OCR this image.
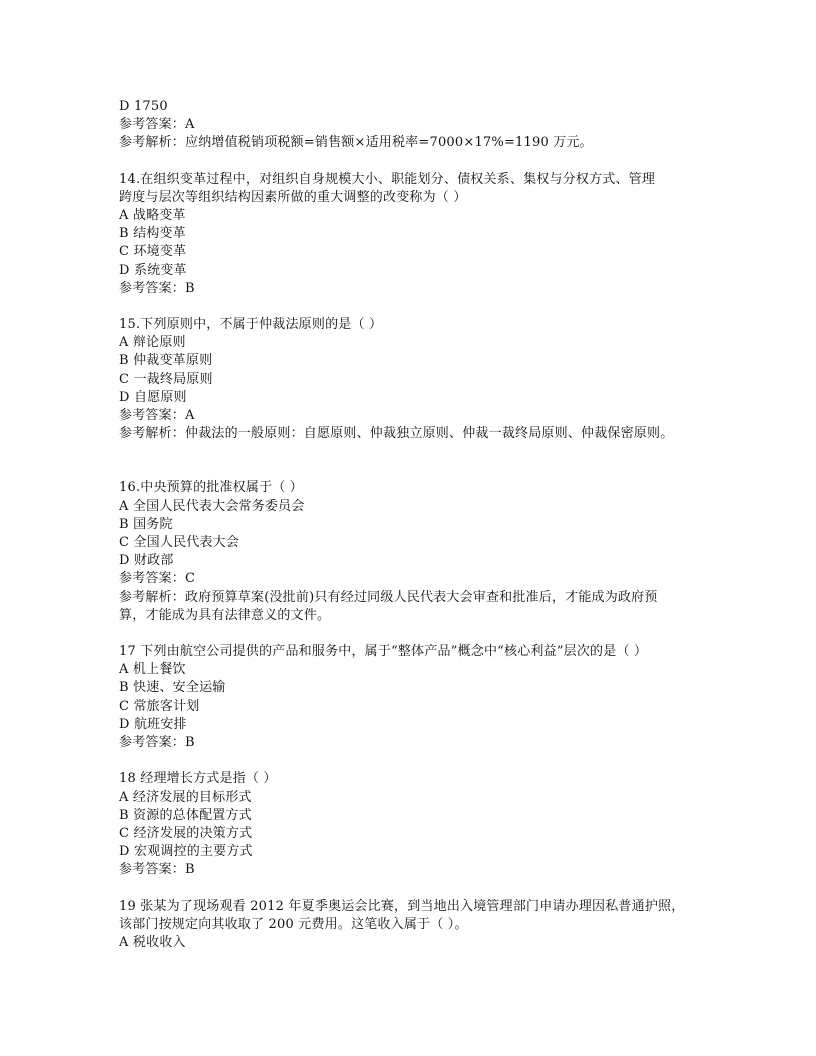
D 1750
参考答案：A
参考解析：应纳增值税销项税额=销售额×适用税率=7000×17%=1190 万元。
14.在组织变革过程中，对组织自身规模大小、职能划分、债权关系、集权与分权方式、管理
跨度与层次等组织结构因素所做的重大调整的改变称为（ ）
A 战略变革
B 结构变革
C 环境变革
D 系统变革
参考答案：B
15.下列原则中，不属于仲裁法原则的是（ ）
A 辩论原则
B 仲裁变革原则
C 一裁终局原则
D 自愿原则
参考答案：A
参考解析：仲裁法的一般原则：自愿原则、仲裁独立原则、仲裁一裁终局原则、仲裁保密原则。
16.中央预算的批准权属于（ ）
A 全国人民代表大会常务委员会
B 国务院
C 全国人民代表大会
D 财政部
参考答案：C
参考解析：政府预算草案(没批前)只有经过同级人民代表大会审查和批准后，才能成为政府预
算，才能成为具有法律意义的文件。
17 下列由航空公司提供的产品和服务中，属于“整体产品”概念中“核心利益”层次的是（ ）
A 机上餐饮
B 快速、安全运输
C 常旅客计划
D 航班安排
参考答案：B
18 经理增长方式是指（ ）
A 经济发展的目标形式
B 资源的总体配置方式
C 经济发展的决策方式
D 宏观调控的主要方式
参考答案：B
19 张某为了现场观看 2012 年夏季奥运会比赛，到当地出入境管理部门申请办理因私普通护照，
该部门按规定向其收取了 200 元费用。这笔收入属于（ ）。
A 税收收入
